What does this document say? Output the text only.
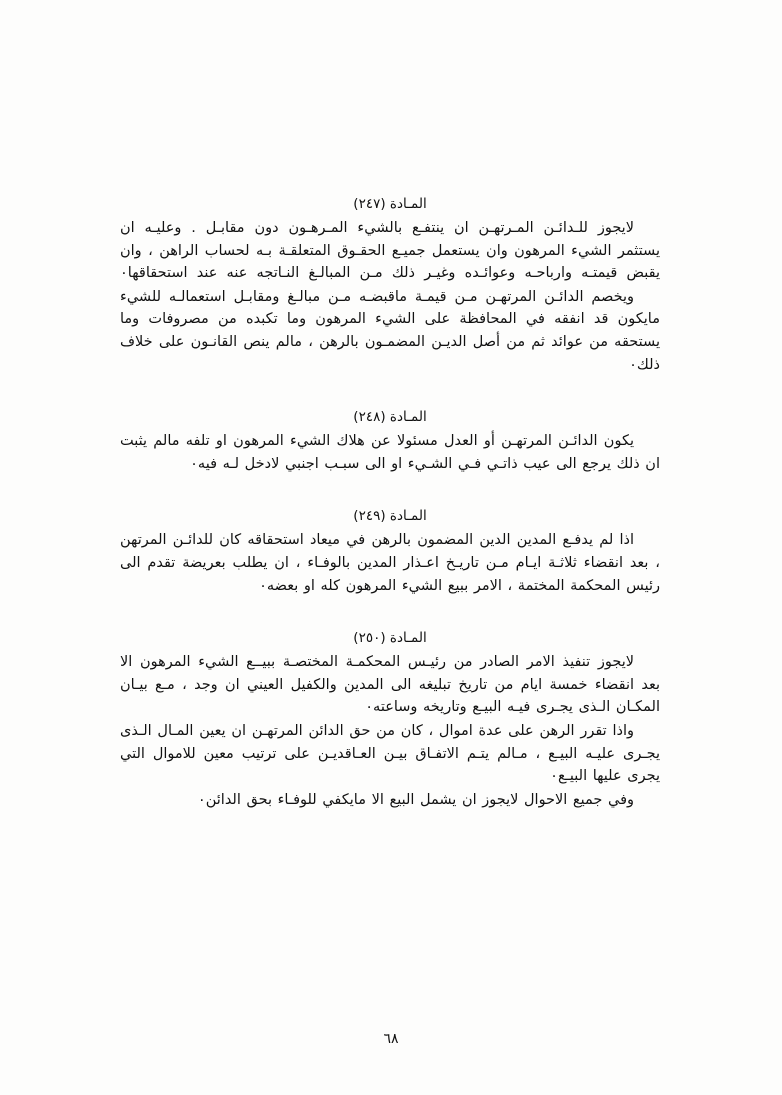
المـادة (٢٤٧)

لايجوز للـدائـن المـرتهـن ان ينتفـع بالشيء المـرهـون دون مقابـل . وعليـه ان يستثمر الشيء المرهون وان يستعمل جميـع الحقـوق المتعلقـة بـه لحساب الراهن ، وان يقبض قيمتـه وارباحـه وعوائـده وغيـر ذلك مـن المبالـغ النـاتجه عنه عند استحقاقها٠

ويخصم الدائـن المرتهـن مـن قيمـة ماقبضـه مـن مبالـغ ومقابـل استعمالـه للشيء مايكون قد انفقه في المحافظة على الشيء المرهون وما تكبده من مصروفات وما يستحقه من عوائد ثم من أصل الديـن المضمـون بالرهن ، مالم ينص القانـون على خلاف ذلك٠

المـادة (٢٤٨)

يكون الدائـن المرتهـن أو العدل مسئولا عن هلاك الشيء المرهون او تلفه مالم يثبت ان ذلك يرجع الى عيب ذاتـي فـي الشـيء او الى سبـب اجنبي لادخل لـه فيه٠

المـادة (٢٤٩)

اذا لم يدفـع المدين الدين المضمون بالرهن في ميعاد استحقاقه كان للدائـن المرتهن ، بعد انقضاء ثلاثـة ايـام مـن تاريـخ اعـذار المدين بالوفـاء ، ان يطلب بعريضة تقدم الى رئيس المحكمة المختمة ، الامر ببيع الشيء المرهون كله او بعضه٠

المـادة (٢٥٠)

لايجوز تنفيذ الامر الصادر من رئيـس المحكمـة المختصـة ببيــع الشيء المرهون الا بعد انقضاء خمسة ايام من تاريخ تبليغه الى المدين والكفيل العيني ان وجد ، مـع بيـان المكـان الـذى يجـرى فيـه البيـع وتاريخه وساعته٠

واذا تقرر الرهن على عدة اموال ، كان من حق الدائن المرتهـن ان يعين المـال الـذى يجـرى عليـه البيـع ، مـالم يتـم الاتفـاق بيـن العـاقديـن على ترتيب معين للاموال التي يجرى عليها البيـع٠

وفي جميع الاحوال لايجوز ان يشمل البيع الا مايكفي للوفـاء بحق الدائن٠

٦٨
